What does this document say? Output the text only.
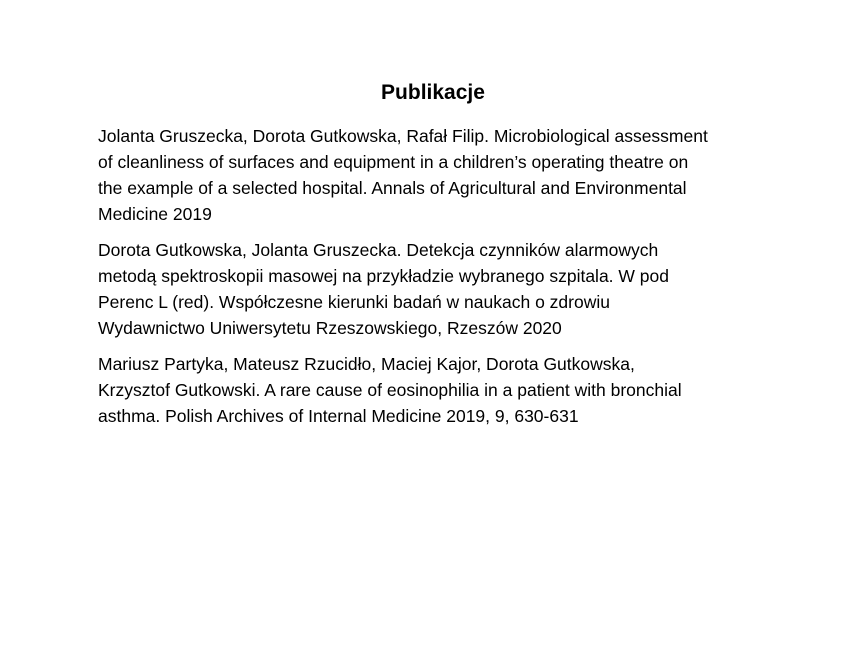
Publikacje
Jolanta Gruszecka, Dorota Gutkowska, Rafał Filip. Microbiological assessment
of cleanliness of surfaces and equipment in a children’s operating theatre on
the example of a selected hospital. Annals of Agricultural and Environmental
Medicine 2019
Dorota Gutkowska, Jolanta Gruszecka. Detekcja czynników alarmowych
metodą spektroskopii masowej na przykładzie wybranego szpitala. W pod
Perenc L (red). Współczesne kierunki badań w naukach o zdrowiu
Wydawnictwo Uniwersytetu Rzeszowskiego, Rzeszów 2020
Mariusz Partyka, Mateusz Rzucidło, Maciej Kajor, Dorota Gutkowska,
Krzysztof Gutkowski. A rare cause of eosinophilia in a patient with bronchial
asthma. Polish Archives of Internal Medicine 2019, 9, 630-631
